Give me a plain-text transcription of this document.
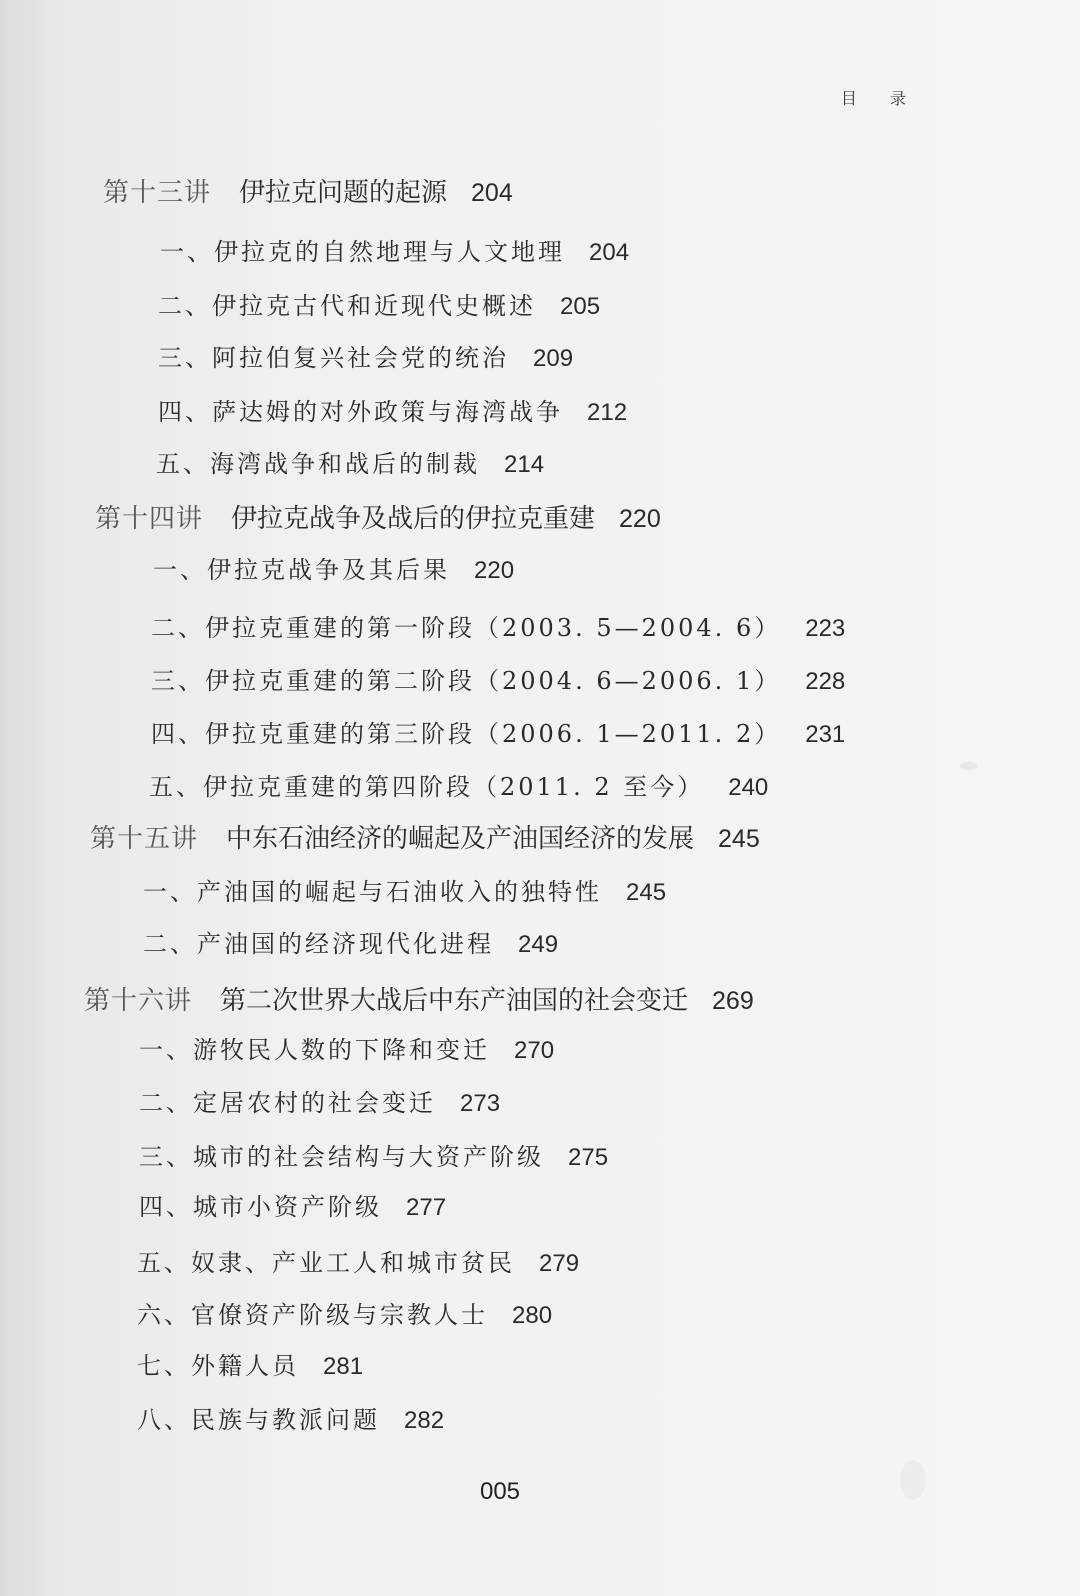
目 录
第十三讲 伊拉克问题的起源 204
一、伊拉克的自然地理与人文地理 204
二、伊拉克古代和近现代史概述 205
三、阿拉伯复兴社会党的统治 209
四、萨达姆的对外政策与海湾战争 212
五、海湾战争和战后的制裁 214
第十四讲 伊拉克战争及战后的伊拉克重建 220
一、伊拉克战争及其后果 220
二、伊拉克重建的第一阶段（2003. 5—2004. 6） 223
三、伊拉克重建的第二阶段（2004. 6—2006. 1） 228
四、伊拉克重建的第三阶段（2006. 1—2011. 2） 231
五、伊拉克重建的第四阶段（2011. 2 至今） 240
第十五讲 中东石油经济的崛起及产油国经济的发展 245
一、产油国的崛起与石油收入的独特性 245
二、产油国的经济现代化进程 249
第十六讲 第二次世界大战后中东产油国的社会变迁 269
一、游牧民人数的下降和变迁 270
二、定居农村的社会变迁 273
三、城市的社会结构与大资产阶级 275
四、城市小资产阶级 277
五、奴隶、产业工人和城市贫民 279
六、官僚资产阶级与宗教人士 280
七、外籍人员 281
八、民族与教派问题 282
005
